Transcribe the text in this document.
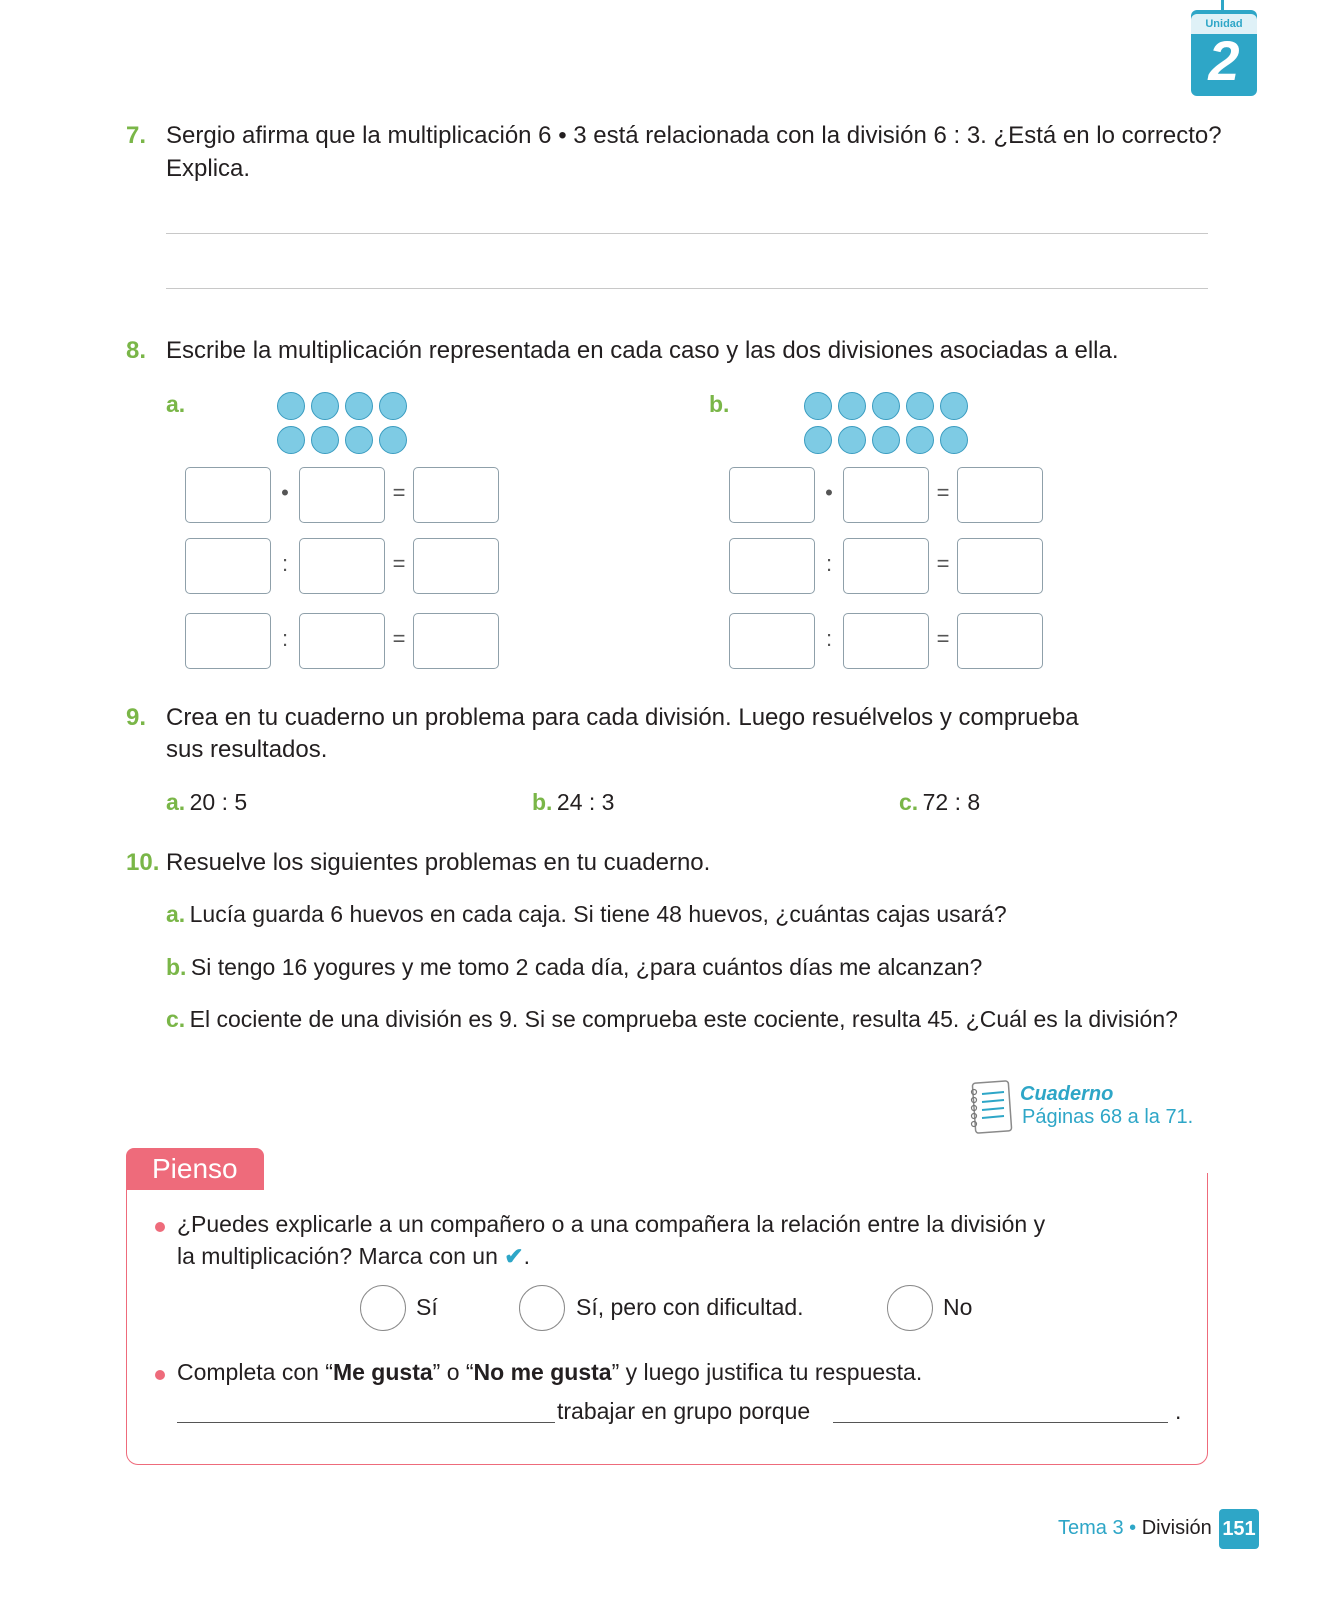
Unidad
2
7. Sergio afirma que la multiplicación 6 • 3 está relacionada con la división 6 : 3. ¿Está en lo correcto?
Explica.
8. Escribe la multiplicación representada en cada caso y las dos divisiones asociadas a ella.
a.	b.
•	=
:	=
:	=
•	=
:	=
:	=
9. Crea en tu cuaderno un problema para cada división. Luego resuélvelos y comprueba
sus resultados.
a. 20 : 5	b. 24 : 3	c. 72 : 8
10. Resuelve los siguientes problemas en tu cuaderno.
a. Lucía guarda 6 huevos en cada caja. Si tiene 48 huevos, ¿cuántas cajas usará?
b. Si tengo 16 yogures y me tomo 2 cada día, ¿para cuántos días me alcanzan?
c. El cociente de una división es 9. Si se comprueba este cociente, resulta 45. ¿Cuál es la división?
Cuaderno
Páginas 68 a la 71.
Pienso
¿Puedes explicarle a un compañero o a una compañera la relación entre la división y
la multiplicación? Marca con un ✔.
Sí	Sí, pero con dificultad.	No
Completa con “Me gusta” o “No me gusta” y luego justifica tu respuesta.
trabajar en grupo porque	.
Tema 3 • División 151
